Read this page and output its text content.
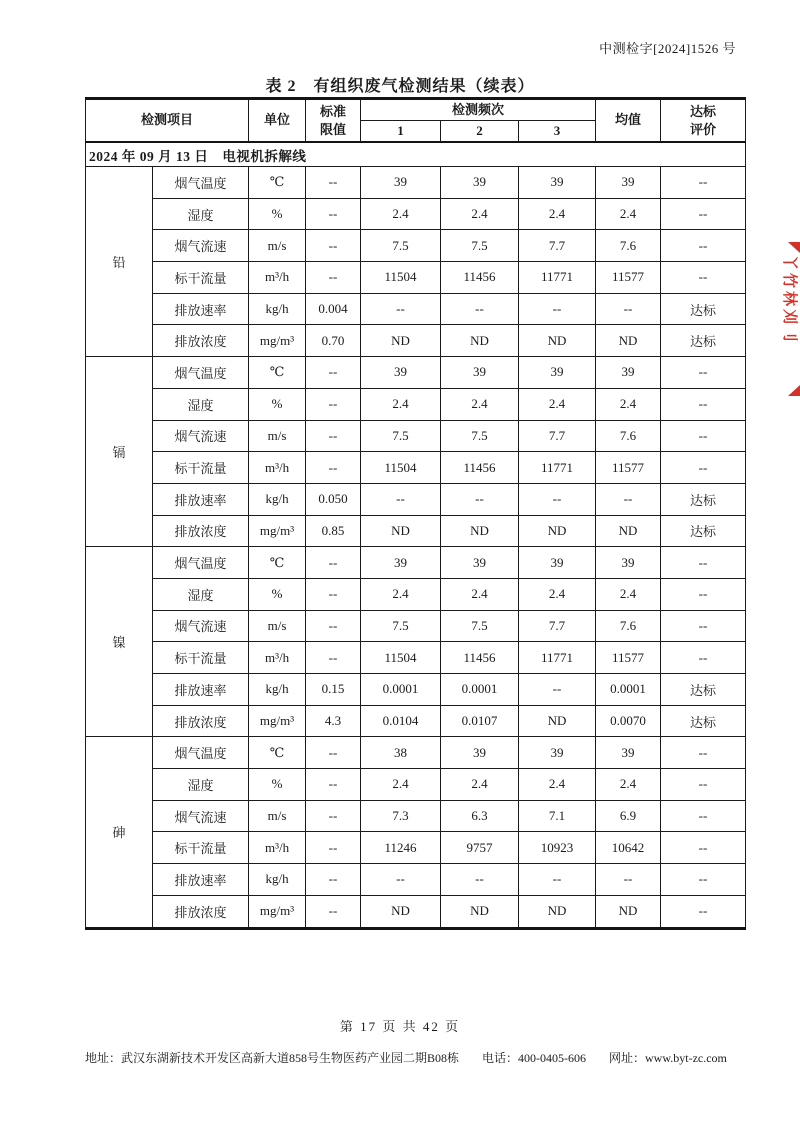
中测检字[2024]1526 号
表 2　有组织废气检测结果（续表）
检测项目		单位	标准
限值	检测频次			均值	达标
评价

				1	2	3		
2024 年 09 月 13 日　电视机拆解线								
铅	烟气温度	℃	--	39	39	39	39	--
	湿度	%	--	2.4	2.4	2.4	2.4	--
	烟气流速	m/s	--	7.5	7.5	7.7	7.6	--
	标干流量	m³/h	--	11504	11456	11771	11577	--
	排放速率	kg/h	0.004	--	--	--	--	达标
	排放浓度	mg/m³	0.70	ND	ND	ND	ND	达标
镉	烟气温度	℃	--	39	39	39	39	--
	湿度	%	--	2.4	2.4	2.4	2.4	--
	烟气流速	m/s	--	7.5	7.5	7.7	7.6	--
	标干流量	m³/h	--	11504	11456	11771	11577	--
	排放速率	kg/h	0.050	--	--	--	--	达标
	排放浓度	mg/m³	0.85	ND	ND	ND	ND	达标
镍	烟气温度	℃	--	39	39	39	39	--
	湿度	%	--	2.4	2.4	2.4	2.4	--
	烟气流速	m/s	--	7.5	7.5	7.7	7.6	--
	标干流量	m³/h	--	11504	11456	11771	11577	--
	排放速率	kg/h	0.15	0.0001	0.0001	--	0.0001	达标
	排放浓度	mg/m³	4.3	0.0104	0.0107	ND	0.0070	达标
砷	烟气温度	℃	--	38	39	39	39	--
	湿度	%	--	2.4	2.4	2.4	2.4	--
	烟气流速	m/s	--	7.3	6.3	7.1	6.9	--
	标干流量	m³/h	--	11246	9757	10923	10642	--
	排放速率	kg/h	--	--	--	--	--	--
	排放浓度	mg/m³	--	ND	ND	ND	ND	--
丫竹林刈刂
第 17 页 共 42 页
地址：武汉东湖新技术开发区高新大道858号生物医药产业园二期B08栋 电话：400-0405-606 网址：www.byt-zc.com
